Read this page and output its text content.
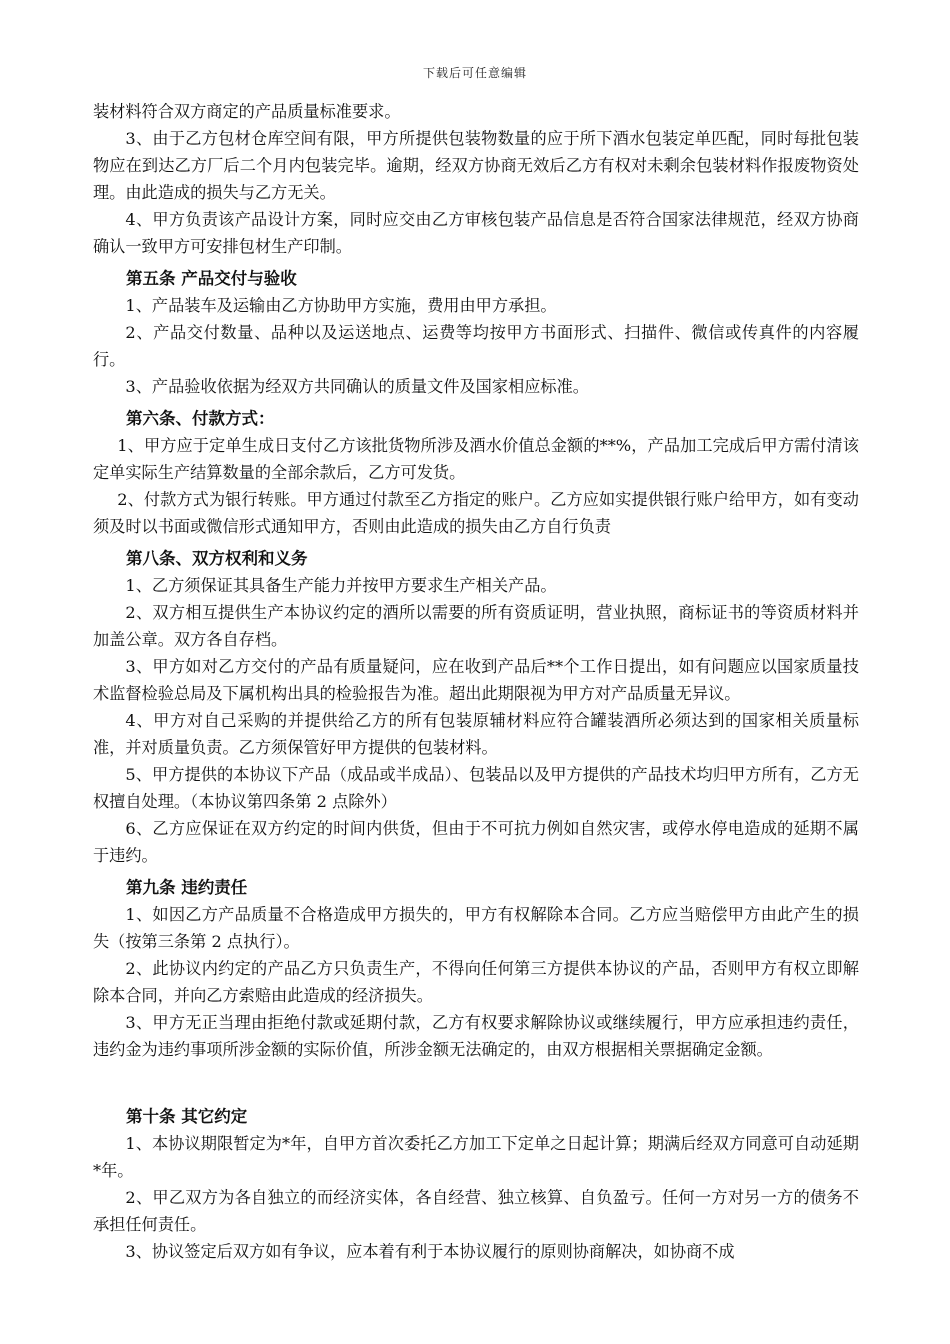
下载后可任意编辑

装材料符合双方商定的产品质量标准要求。

3、由于乙方包材仓库空间有限，甲方所提供包装物数量的应于所下酒水包装定单匹配，同时每批包装物应在到达乙方厂后二个月内包装完毕。逾期，经双方协商无效后乙方有权对未剩余包装材料作报废物资处理。由此造成的损失与乙方无关。

4、甲方负责该产品设计方案，同时应交由乙方审核包装产品信息是否符合国家法律规范，经双方协商确认一致甲方可安排包材生产印制。

第五条 产品交付与验收

1、产品装车及运输由乙方协助甲方实施，费用由甲方承担。

2、产品交付数量、品种以及运送地点、运费等均按甲方书面形式、扫描件、微信或传真件的内容履行。

3、产品验收依据为经双方共同确认的质量文件及国家相应标准。

第六条、付款方式：

1、甲方应于定单生成日支付乙方该批货物所涉及酒水价值总金额的**%，产品加工完成后甲方需付清该定单实际生产结算数量的全部余款后，乙方可发货。

2、付款方式为银行转账。甲方通过付款至乙方指定的账户。乙方应如实提供银行账户给甲方，如有变动须及时以书面或微信形式通知甲方，否则由此造成的损失由乙方自行负责

第八条、双方权利和义务

1、乙方须保证其具备生产能力并按甲方要求生产相关产品。

2、双方相互提供生产本协议约定的酒所以需要的所有资质证明，营业执照，商标证书的等资质材料并加盖公章。双方各自存档。

3、甲方如对乙方交付的产品有质量疑问，应在收到产品后**个工作日提出，如有问题应以国家质量技术监督检验总局及下属机构出具的检验报告为准。超出此期限视为甲方对产品质量无异议。

4、甲方对自己采购的并提供给乙方的所有包装原辅材料应符合罐装酒所必须达到的国家相关质量标准，并对质量负责。乙方须保管好甲方提供的包装材料。

5、甲方提供的本协议下产品（成品或半成品）、包装品以及甲方提供的产品技术均归甲方所有，乙方无权擅自处理。（本协议第四条第 2 点除外）

6、乙方应保证在双方约定的时间内供货，但由于不可抗力例如自然灾害，或停水停电造成的延期不属于违约。

第九条 违约责任

1、如因乙方产品质量不合格造成甲方损失的，甲方有权解除本合同。乙方应当赔偿甲方由此产生的损失（按第三条第 2 点执行）。

2、此协议内约定的产品乙方只负责生产，不得向任何第三方提供本协议的产品，否则甲方有权立即解除本合同，并向乙方索赔由此造成的经济损失。

3、甲方无正当理由拒绝付款或延期付款，乙方有权要求解除协议或继续履行，甲方应承担违约责任，违约金为违约事项所涉金额的实际价值，所涉金额无法确定的，由双方根据相关票据确定金额。

第十条 其它约定

1、本协议期限暂定为*年，自甲方首次委托乙方加工下定单之日起计算；期满后经双方同意可自动延期*年。

2、甲乙双方为各自独立的而经济实体，各自经营、独立核算、自负盈亏。任何一方对另一方的债务不承担任何责任。

3、协议签定后双方如有争议，应本着有利于本协议履行的原则协商解决，如协商不成
